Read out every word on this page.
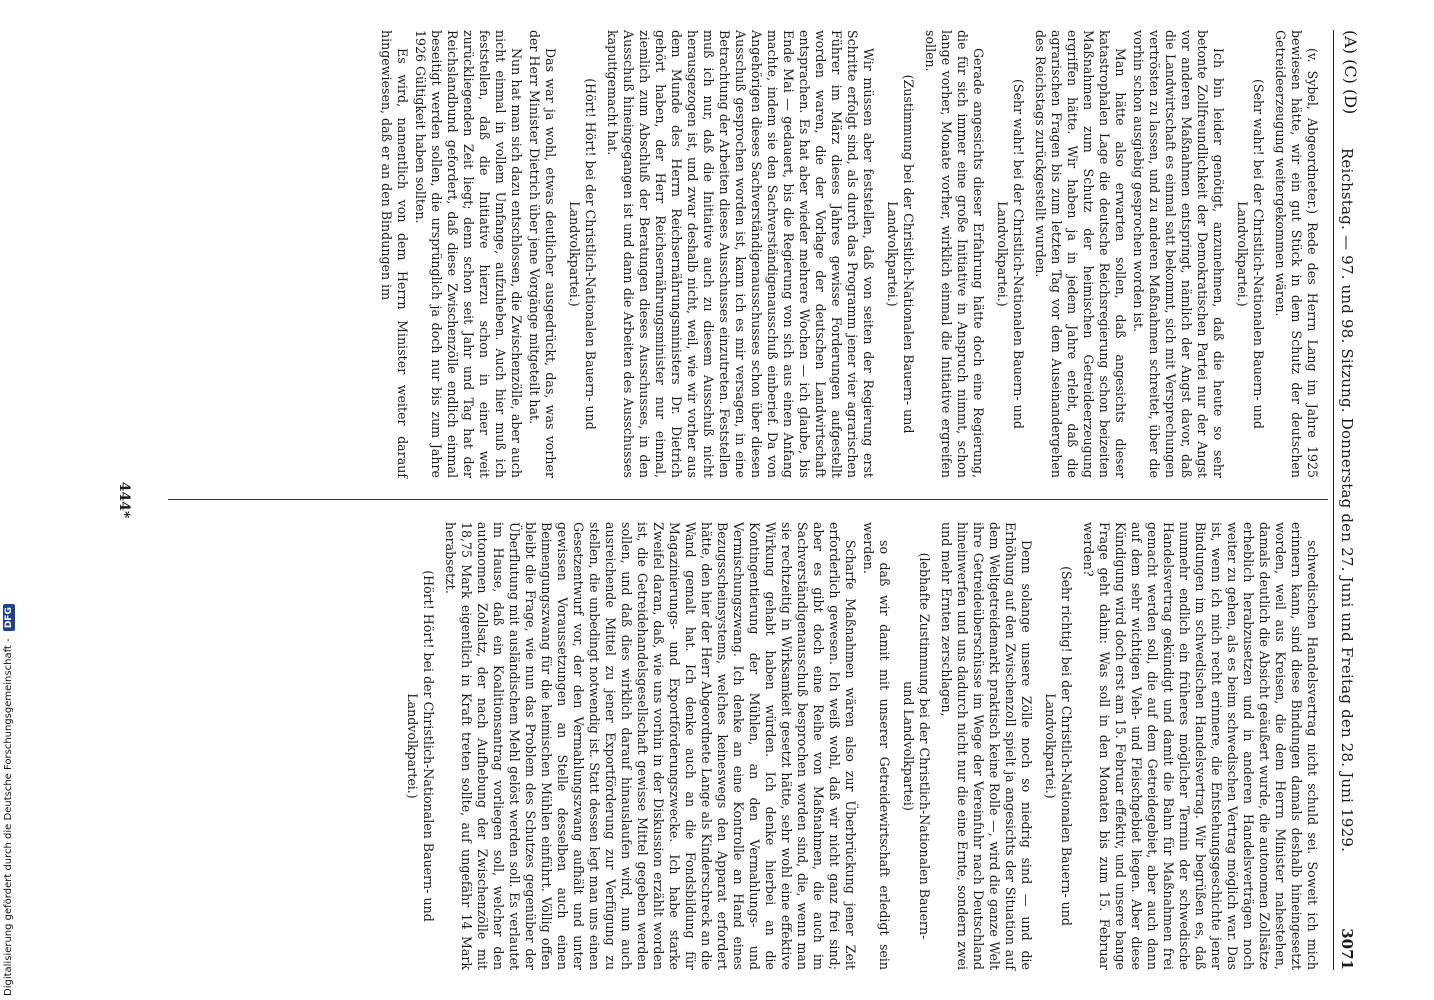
Reichstag. — 97. und 98. Sitzung. Donnerstag den 27. Juni und Freitag den 28. Juni 1929.
3071
(A) (C) (D)

(v. Sybel, Abgeordneter.) Rede des Herrn Lang im Jahre 1925 bewiesen hätte, wir ein gut Stück in dem Schutz der deutschen Getreideerzeugung weitergekommen wären.

(Sehr wahr! bei der Christlich-Nationalen Bauern- und Landvolkpartei.)

Ich bin leider genötigt, anzunehmen, daß die heute so sehr betonte Zollfreundlichkeit der Demokratischen Partei nur der Angst vor anderen Maßnahmen entspringt, nämlich der Angst davor, daß die Landwirtschaft es einmal satt bekommt, sich mit Versprechungen vertrösten zu lassen, und zu anderen Maßnahmen schreitet, über die vorhin schon ausgiebig gesprochen worden ist.

Man hätte also erwarten sollen, daß angesichts dieser katastrophalen Lage die deutsche Reichsregierung schon beizeiten Maßnahmen zum Schutz der heimischen Getreideerzeugung ergriffen hätte. Wir haben ja in jedem Jahre erlebt, daß die agrarischen Fragen bis zum letzten Tag vor dem Auseinandergehen des Reichstags zurückgestellt wurden.

(Sehr wahr! bei der Christlich-Nationalen Bauern- und Landvolkpartei.)

Gerade angesichts dieser Erfahrung hätte doch eine Regierung, die für sich immer eine große Initiative in Anspruch nimmt, schon lange vorher, Monate vorher, wirklich einmal die Initiative ergreifen sollen.

(Zustimmung bei der Christlich-Nationalen Bauern- und Landvolkpartei.)

Wir müssen aber feststellen, daß von seiten der Regierung erst Schritte erfolgt sind, als durch das Programm jener vier agrarischen Führer im März dieses Jahres gewisse Forderungen aufgestellt worden waren, die der Vorlage der deutschen Landwirtschaft entsprachen. Es hat aber wieder mehrere Wochen — ich glaube, bis Ende Mai — gedauert, bis die Regierung von sich aus einen Anfang machte, indem sie den Sachverständigenausschuß einberief. Da von Angehörigen dieses Sachverständigenausschusses schon über diesen Ausschuß gesprochen worden ist, kann ich es mir versagen, in eine Betrachtung der Arbeiten dieses Ausschusses einzutreten. Feststellen muß ich nur, daß die Initiative auch zu diesem Ausschuß nicht herausgezogen ist, und zwar deshalb nicht, weil, wie wir vorher aus dem Munde des Herrn Reichsernährungsministers Dr. Dietrich gehört haben, der Herr Reichsernährungsminister nur einmal, ziemlich zum Abschluß der Beratungen dieses Ausschusses, in den Ausschuß hineingegangen ist und dann die Arbeiten des Ausschusses kaputtgemacht hat.

(Hört! Hört! bei der Christlich-Nationalen Bauern- und Landvolkpartei.)

Das war ja wohl, etwas deutlicher ausgedrückt, das, was vorher der Herr Minister Dietrich über jene Vorgänge mitgeteilt hat.

Nun hat man sich dazu entschlossen, die Zwischenzölle, aber auch nicht einmal in vollem Umfange, aufzuheben. Auch hier muß ich feststellen, daß die Initiative hierzu schon in einer weit zurückliegenden Zeit liegt; denn schon seit Jahr und Tag hat der Reichslandbund gefordert, daß diese Zwischenzölle endlich einmal beseitigt werden sollen, die ursprünglich ja doch nur bis zum Jahre 1926 Gültigkeit haben sollten.

Es wird, namentlich von dem Herrn Minister weiter darauf hingewiesen, daß er an den Bindungen im

schwedischen Handelsvertrag nicht schuld sei. Soweit ich mich erinnern kann, sind diese Bindungen damals deshalb hineingesetzt worden, weil aus Kreisen, die dem Herrn Minister nahestehen, damals deutlich die Absicht geäußert wurde, die autonomen Zollsätze erheblich herabzusetzen und in anderen Handelsverträgen noch weiter zu gehen, als es beim schwedischen Vertrag möglich war. Das ist, wenn ich mich recht erinnere, die Entstehungsgeschichte jener Bindungen im schwedischen Handelsvertrag. Wir begrüßen es, daß nunmehr endlich ein früheres möglicher Termin der schwedische Handelsvertrag gekündigt und damit die Bahn für Maßnahmen frei gemacht werden soll, die auf dem Getreidegebiet, aber auch dann auf dem sehr wichtigen Vieh- und Fleischgebiet liegen. Aber diese Kündigung wird doch erst am 15. Februar effektiv, und unsere bange Frage geht dahin: Was soll in den Monaten bis zum 15. Februar werden?

(Sehr richtig! bei der Christlich-Nationalen Bauern- und Landvolkpartei.)

Denn solange unsere Zölle noch so niedrig sind — und die Erhöhung auf den Zwischenzoll spielt ja angesichts der Situation auf dem Weltgetreidemarkt praktisch keine Rolle —, wird die ganze Welt ihre Getreideüberschüsse im Wege der Vereinfuhr nach Deutschland hineinwerfen und uns dadurch nicht nur die eine Ernte, sondern zwei und mehr Ernten zerschlagen,

(lebhafte Zustimmung bei der Christlich-Nationalen Bauern- und Landvolkpartei)

so daß wir damit mit unserer Getreidewirtschaft erledigt sein werden.

Scharfe Maßnahmen wären also zur Überbrückung jener Zeit erforderlich gewesen. Ich weiß wohl, daß wir nicht ganz frei sind; aber es gibt doch eine Reihe von Maßnahmen, die auch im Sachverständigenausschuß besprochen worden sind, die, wenn man sie rechtzeitig in Wirksamkeit gesetzt hätte, sehr wohl eine effektive Wirkung gehabt haben würden. Ich denke hierbei an die Kontingentierung der Mühlen, an den Vermahlungs- und Vermischungszwang. Ich denke an eine Kontrolle an Hand eines Bezugsscheinsystems, welches keineswegs den Apparat erfordert hätte, den hier der Herr Abgeordnete Lange als Kinderschreck an die Wand gemalt hat. Ich denke auch an die Fondsbildung für Magazinierungs- und Exportförderungszwecke. Ich habe starke Zweifel daran, daß, wie uns vorhin in der Diskussion erzählt worden ist, die Getreidehandelsgesellschaft gewisse Mittel gegeben werden sollen, und daß dies wirklich darauf hinauslaufen wird, nun auch ausreichende Mittel zu jener Exportförderung zur Verfügung zu stellen, die unbedingt notwendig ist. Statt dessen legt man uns einen Gesetzentwurf vor, der den Vermahlungszwang aufhält und unter gewissen Voraussetzungen an Stelle desselben auch einen Beimengungszwang für die heimischen Mühlen einführt. Völlig offen bleibt die Frage, wie nun das Problem des Schutzes gegenüber der Überflutung mit ausländischem Mehl gelöst werden soll. Es verlautet im Hause, daß ein Koalitionsantrag vorliegen soll, welcher den autonomen Zollsatz, der nach Aufhebung der Zwischenzölle mit 18,75 Mark eigentlich in Kraft treten sollte, auf ungefähr 14 Mark herabsetzt.

(Hört! Hört! bei der Christlich-Nationalen Bauern- und Landvolkpartei.)

444*
Digitalisierung gefördert durch die Deutsche Forschungsgemeinschaft - DFG
